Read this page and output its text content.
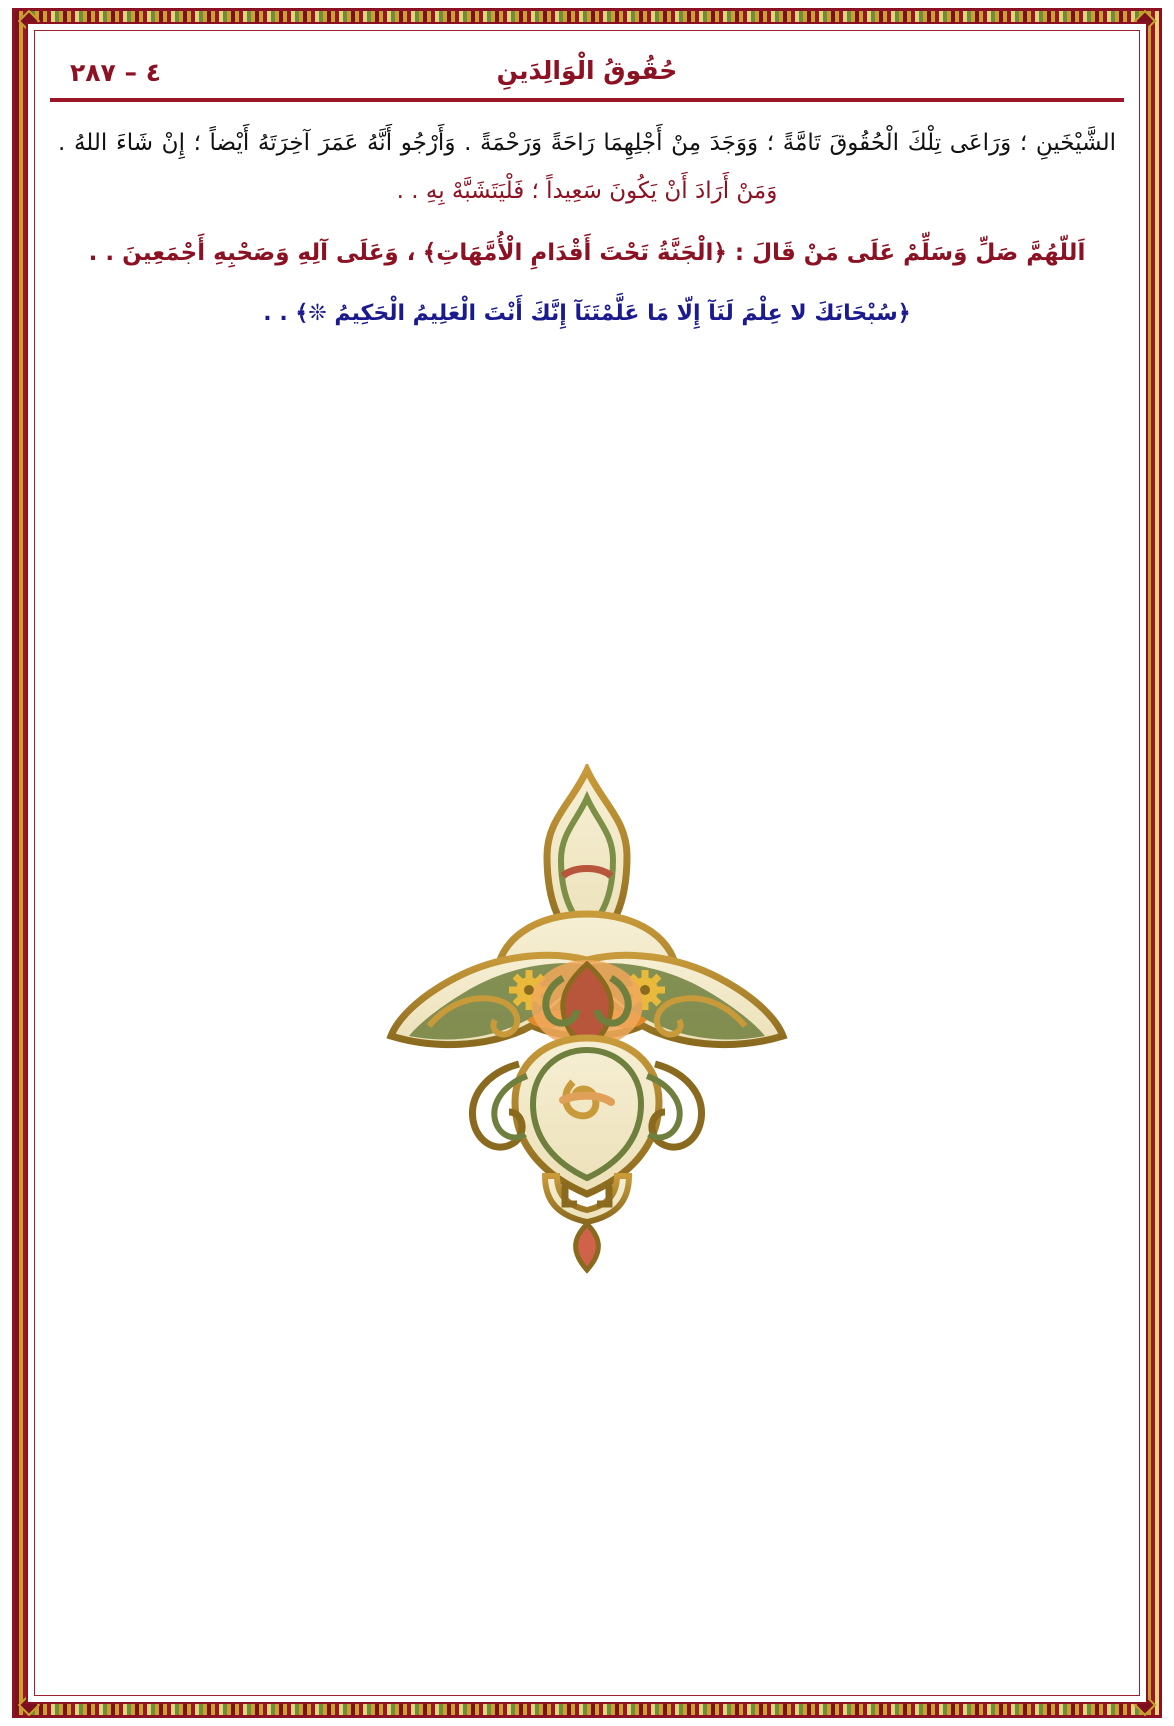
٤ – ٢٨٧	حُقُوقُ الْوَالِدَينِ

الشَّيْخَينِ ؛ وَرَاعَى تِلْكَ الْحُقُوقَ تَامَّةً ؛ وَوَجَدَ مِنْ أَجْلِهِمَا رَاحَةً وَرَحْمَةً . وَأَرْجُو أَنَّهُ عَمَرَ آخِرَتَهُ أَيْضاً ؛ إِنْ شَاءَ اللهُ . وَمَنْ أَرَادَ أَنْ يَكُونَ سَعِيداً ؛ فَلْيَتَشَبَّهْ بِهِ . .

اَللّهُمَّ صَلِّ وَسَلِّمْ عَلَى مَنْ قَالَ : ﴿الْجَنَّةُ تَحْتَ أَقْدَامِ الْأُمَّهَاتِ﴾ ، وَعَلَى آلِهِ وَصَحْبِهِ أَجْمَعِينَ . .

﴿سُبْحَانَكَ لا عِلْمَ لَنَآ إِلّا مَا عَلَّمْتَنَآ إِنَّكَ أَنْتَ الْعَلِيمُ الْحَكِيمُ ❊﴾ . .
